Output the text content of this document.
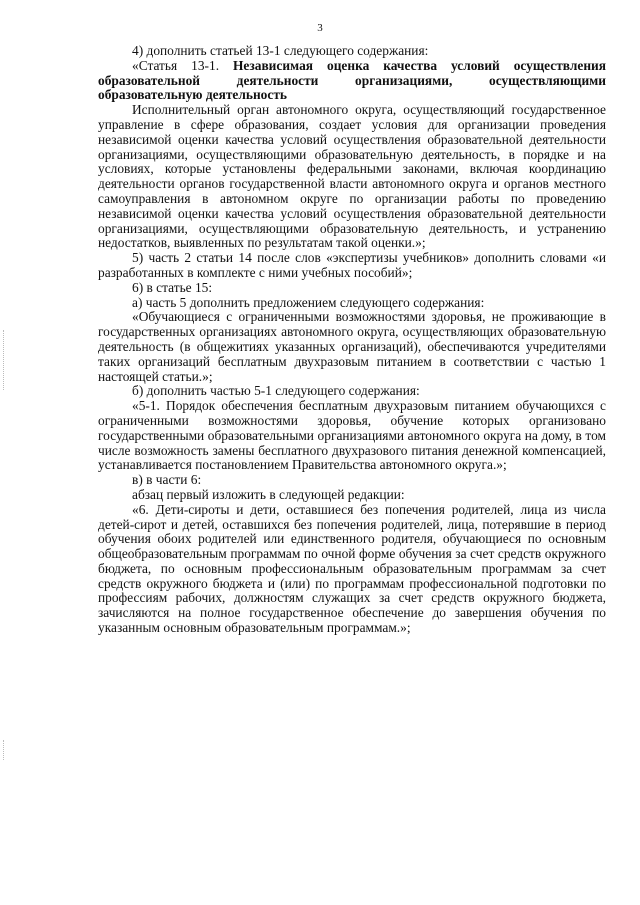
3

4) дополнить статьей 13-1 следующего содержания:

«Статья 13-1. Независимая оценка качества условий осуществления образовательной деятельности организациями, осуществляющими образовательную деятельность

Исполнительный орган автономного округа, осуществляющий государственное управление в сфере образования, создает условия для организации проведения независимой оценки качества условий осуществления образовательной деятельности организациями, осуществляющими образовательную деятельность, в порядке и на условиях, которые установлены федеральными законами, включая координацию деятельности органов государственной власти автономного округа и органов местного самоуправления в автономном округе по организации работы по проведению независимой оценки качества условий осуществления образовательной деятельности организациями, осуществляющими образовательную деятельность, и устранению недостатков, выявленных по результатам такой оценки.»;

5) часть 2 статьи 14 после слов «экспертизы учебников» дополнить словами «и разработанных в комплекте с ними учебных пособий»;

6) в статье 15:

а) часть 5 дополнить предложением следующего содержания:

«Обучающиеся с ограниченными возможностями здоровья, не проживающие в государственных организациях автономного округа, осуществляющих образовательную деятельность (в общежитиях указанных организаций), обеспечиваются учредителями таких организаций бесплатным двухразовым питанием в соответствии с частью 1 настоящей статьи.»;

б) дополнить частью 5-1 следующего содержания:

«5-1. Порядок обеспечения бесплатным двухразовым питанием обучающихся с ограниченными возможностями здоровья, обучение которых организовано государственными образовательными организациями автономного округа на дому, в том числе возможность замены бесплатного двухразового питания денежной компенсацией, устанавливается постановлением Правительства автономного округа.»;

в) в части 6:

абзац первый изложить в следующей редакции:

«6. Дети-сироты и дети, оставшиеся без попечения родителей, лица из числа детей-сирот и детей, оставшихся без попечения родителей, лица, потерявшие в период обучения обоих родителей или единственного родителя, обучающиеся по основным общеобразовательным программам по очной форме обучения за счет средств окружного бюджета, по основным профессиональным образовательным программам за счет средств окружного бюджета и (или) по программам профессиональной подготовки по профессиям рабочих, должностям служащих за счет средств окружного бюджета, зачисляются на полное государственное обеспечение до завершения обучения по указанным основным образовательным программам.»;
